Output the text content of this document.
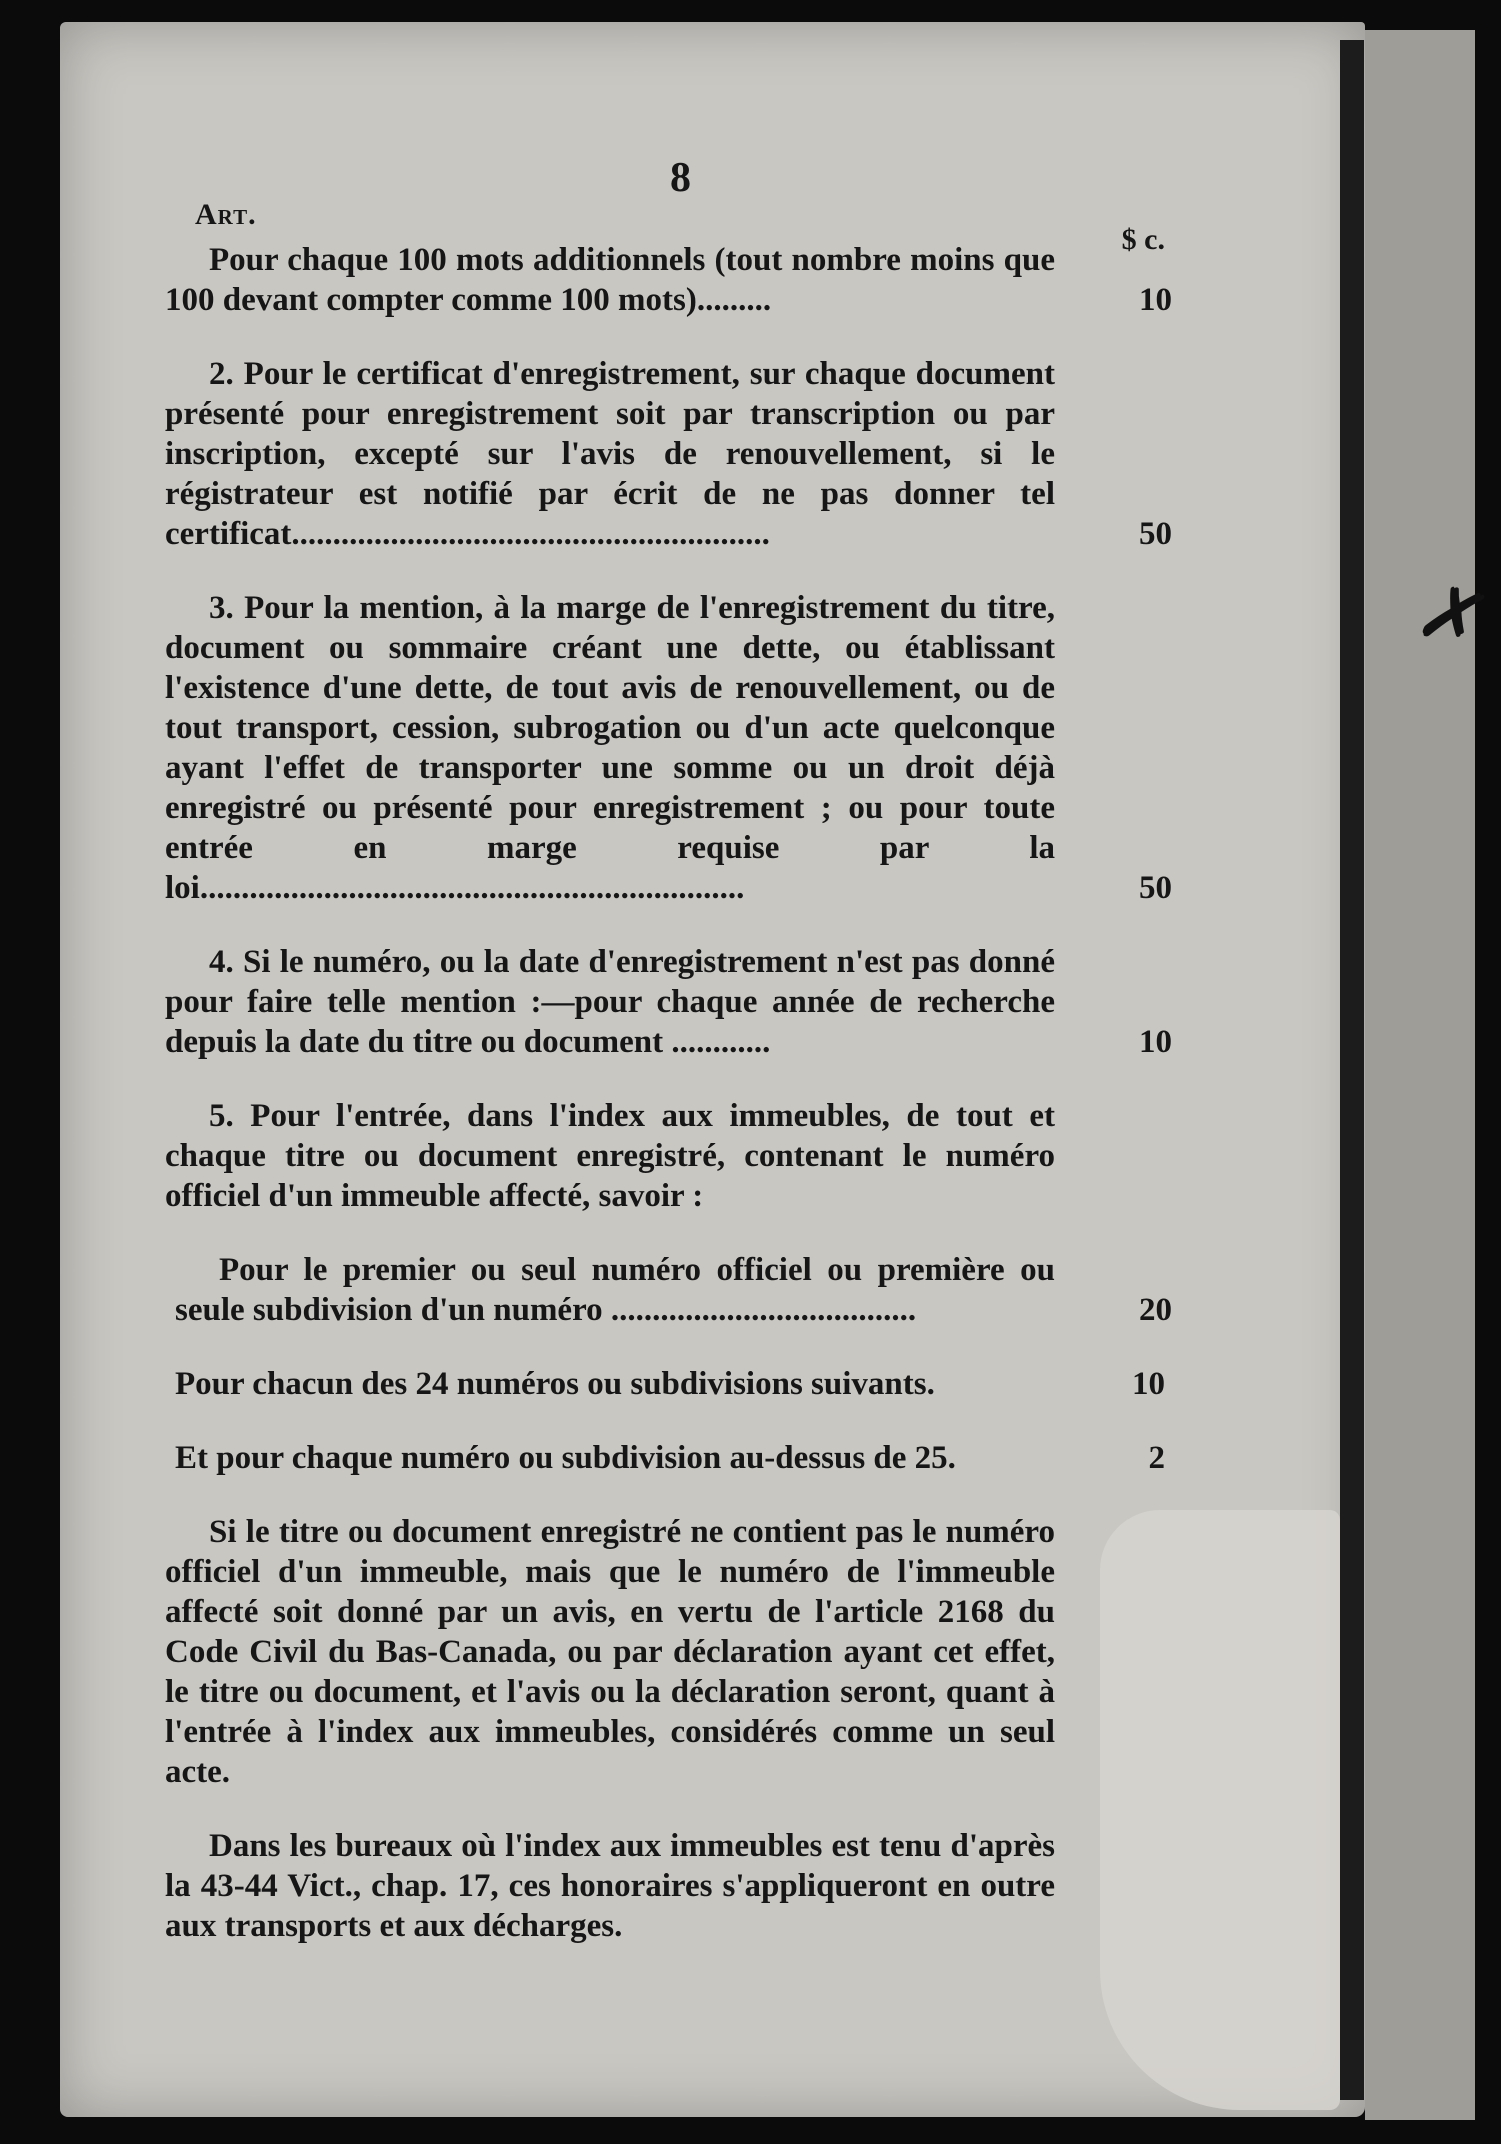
✗
Art.
8
$ c.

Pour chaque 100 mots additionnels (tout nombre moins que 100 devant compter comme 100 mots).........	10

2. Pour le certificat d'enregistrement, sur chaque document présenté pour enregistrement soit par transcription ou par inscription, excepté sur l'avis de renouvellement, si le régistrateur est notifié par écrit de ne pas donner tel certificat..........................................................	50

3. Pour la mention, à la marge de l'enregistrement du titre, document ou sommaire créant une dette, ou établissant l'existence d'une dette, de tout avis de renouvellement, ou de tout transport, cession, subrogation ou d'un acte quelconque ayant l'effet de transporter une somme ou un droit déjà enregistré ou présenté pour enregistrement ; ou pour toute entrée en marge requise par la loi..................................................................	50

4. Si le numéro, ou la date d'enregistrement n'est pas donné pour faire telle mention :—pour chaque année de recherche depuis la date du titre ou document ............	10

5. Pour l'entrée, dans l'index aux immeubles, de tout et chaque titre ou document enregistré, contenant le numéro officiel d'un immeuble affecté, savoir :

Pour le premier ou seul numéro officiel ou première ou seule subdivision d'un numéro .....................................	20

Pour chacun des 24 numéros ou subdivisions suivants.	10

Et pour chaque numéro ou subdivision au-dessus de 25.	2

Si le titre ou document enregistré ne contient pas le numéro officiel d'un immeuble, mais que le numéro de l'immeuble affecté soit donné par un avis, en vertu de l'article 2168 du Code Civil du Bas-Canada, ou par déclaration ayant cet effet, le titre ou document, et l'avis ou la déclaration seront, quant à l'entrée à l'index aux immeubles, considérés comme un seul acte.

Dans les bureaux où l'index aux immeubles est tenu d'après la 43-44 Vict., chap. 17, ces honoraires s'appliqueront en outre aux transports et aux décharges.
